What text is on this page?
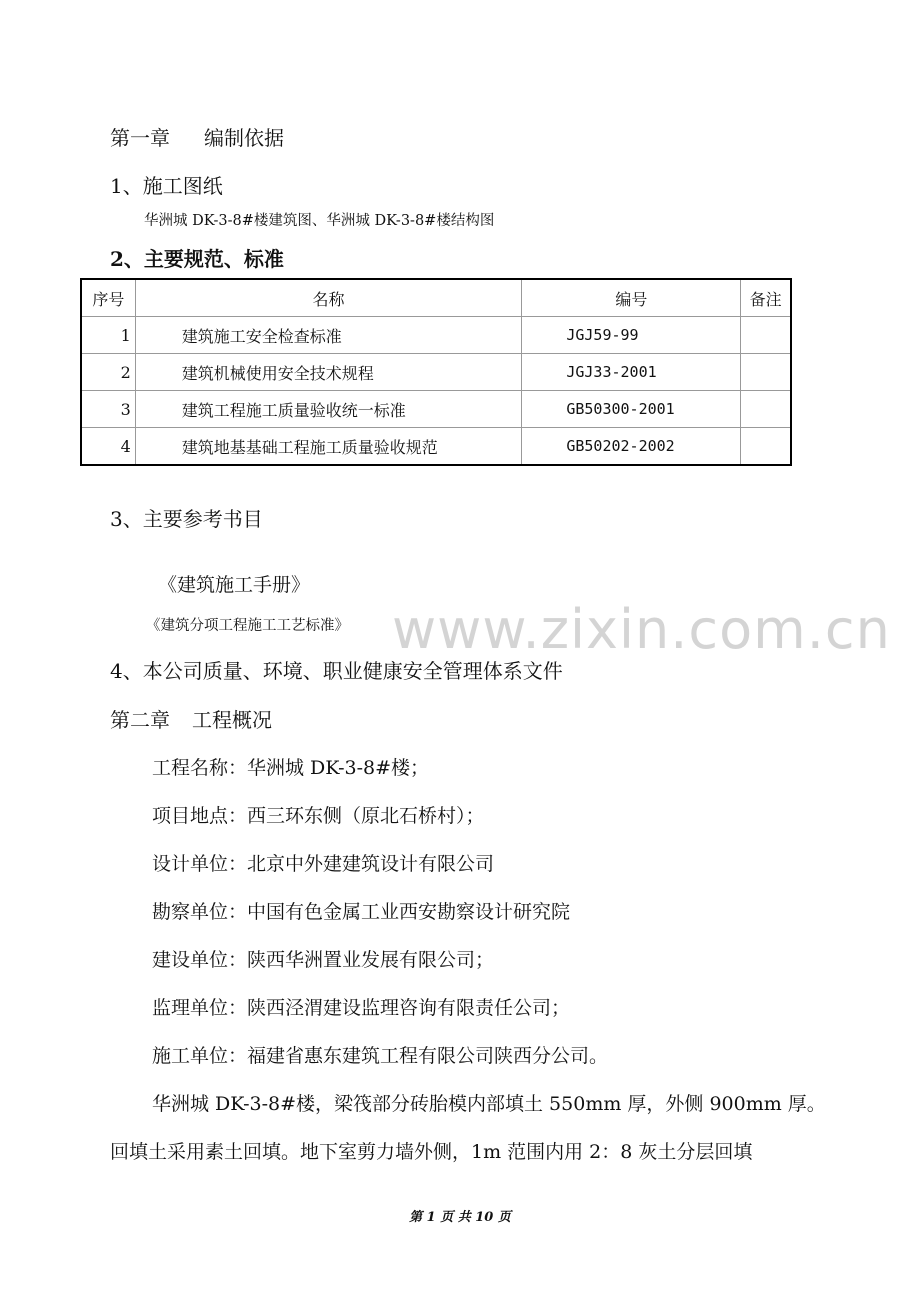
第一章 编制依据
1、施工图纸
华洲城 DK-3-8#楼建筑图、华洲城 DK-3-8#楼结构图
2、主要规范、标准
序号	名称	编号	备注
1	建筑施工安全检查标准	JGJ59-99	
2	建筑机械使用安全技术规程	JGJ33-2001	
3	建筑工程施工质量验收统一标准	GB50300-2001	
4	建筑地基基础工程施工质量验收规范	GB50202-2002	
3、主要参考书目
《建筑施工手册》
《建筑分项工程施工工艺标准》 www.zixin.com.cn
4、本公司质量、环境、职业健康安全管理体系文件
第二章 工程概况
工程名称：华洲城 DK-3-8#楼；
项目地点：西三环东侧（原北石桥村）；
设计单位：北京中外建建筑设计有限公司
勘察单位：中国有色金属工业西安勘察设计研究院
建设单位：陕西华洲置业发展有限公司；
监理单位：陕西泾渭建设监理咨询有限责任公司；
施工单位：福建省惠东建筑工程有限公司陕西分公司。
华洲城 DK-3-8#楼，梁筏部分砖胎模内部填土 550mm 厚，外侧 900mm 厚。
回填土采用素土回填。地下室剪力墙外侧，1m 范围内用 2：8 灰土分层回填
第 1 页 共 10 页
